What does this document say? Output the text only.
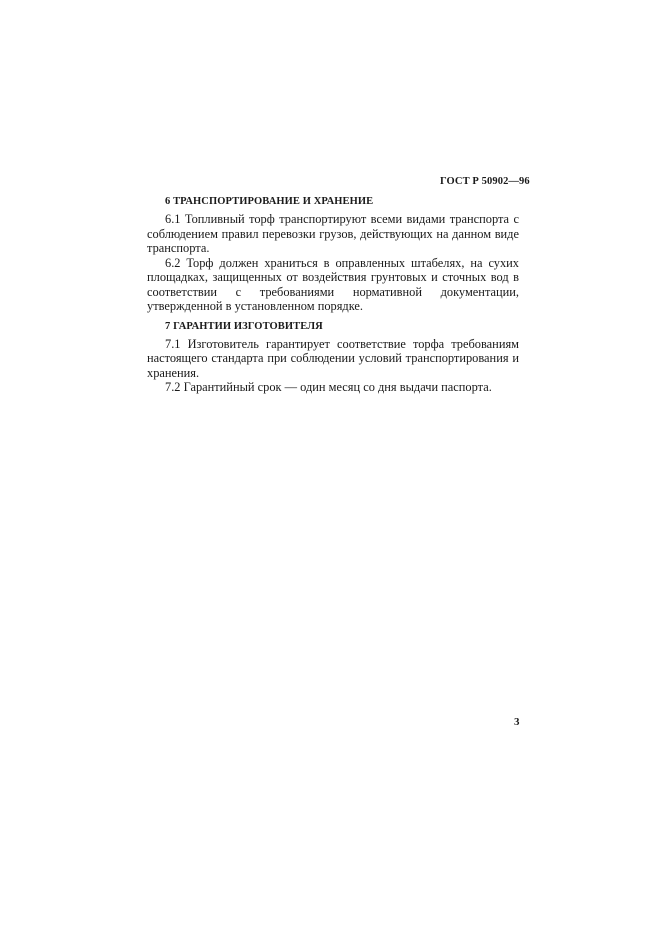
ГОСТ Р 50902—96
6 ТРАНСПОРТИРОВАНИЕ И ХРАНЕНИЕ

6.1 Топливный торф транспортируют всеми видами транспорта с соблюдением правил перевозки грузов, действующих на данном виде транспорта.

6.2 Торф должен храниться в оправленных штабелях, на сухих площадках, защищенных от воздействия грунтовых и сточных вод в соответствии с требованиями нормативной документации, утвержденной в установленном порядке.

7 ГАРАНТИИ ИЗГОТОВИТЕЛЯ

7.1 Изготовитель гарантирует соответствие торфа требованиям настоящего стандарта при соблюдении условий транспортирования и хранения.

7.2 Гарантийный срок — один месяц со дня выдачи паспорта.

3
